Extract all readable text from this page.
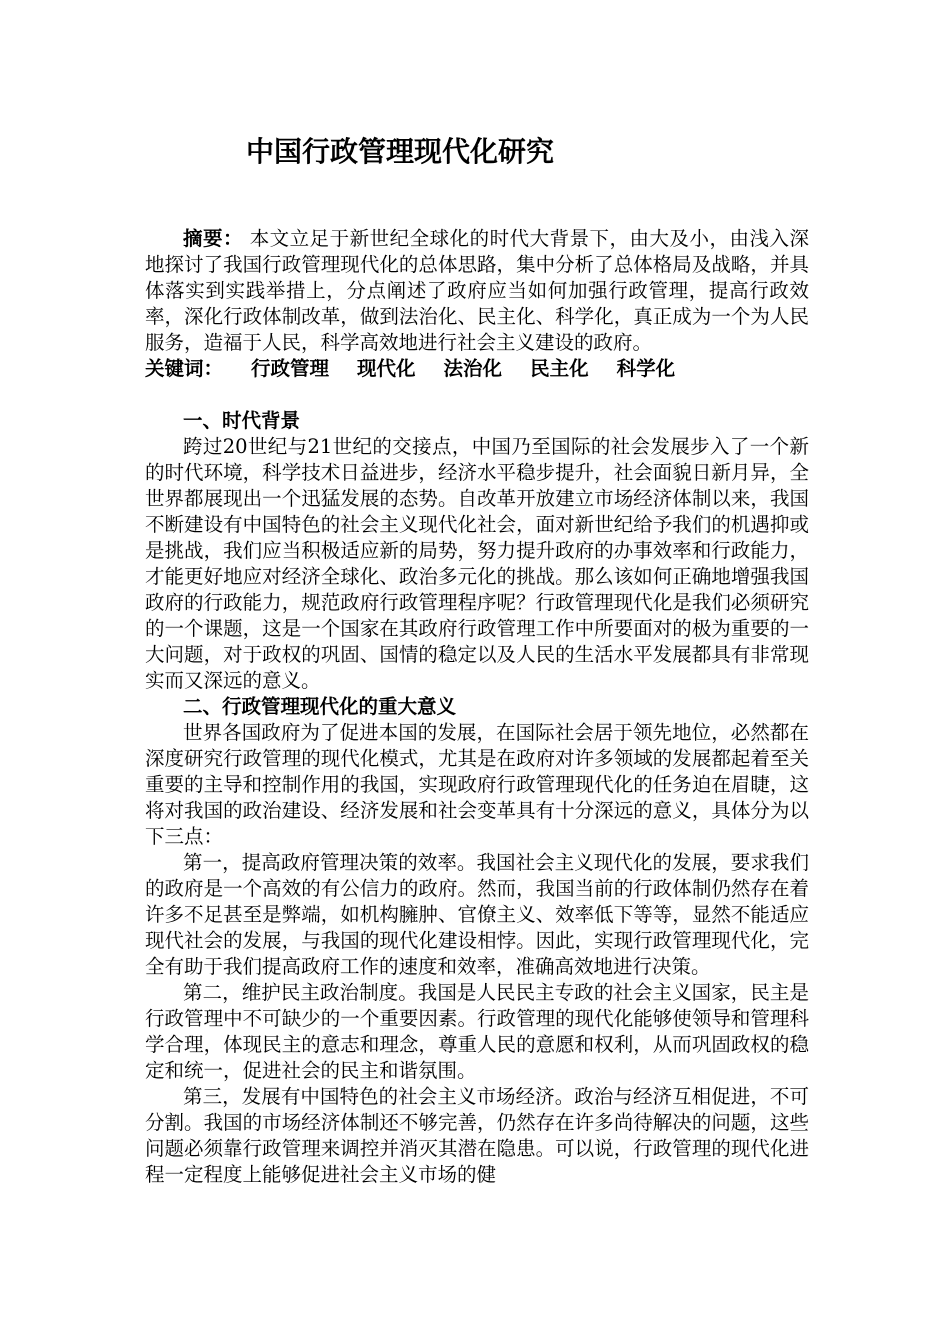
中国行政管理现代化研究

摘要： 本文立足于新世纪全球化的时代大背景下，由大及小，由浅入深地探讨了我国行政管理现代化的总体思路，集中分析了总体格局及战略，并具体落实到实践举措上，分点阐述了政府应当如何加强行政管理，提高行政效率，深化行政体制改革，做到法治化、民主化、科学化，真正成为一个为人民服务，造福于人民，科学高效地进行社会主义建设的政府。

关键词： 行政管理 现代化 法治化 民主化 科学化

一、时代背景

跨过20世纪与21世纪的交接点，中国乃至国际的社会发展步入了一个新的时代环境，科学技术日益进步，经济水平稳步提升，社会面貌日新月异，全世界都展现出一个迅猛发展的态势。自改革开放建立市场经济体制以来，我国不断建设有中国特色的社会主义现代化社会，面对新世纪给予我们的机遇抑或是挑战，我们应当积极适应新的局势，努力提升政府的办事效率和行政能力，才能更好地应对经济全球化、政治多元化的挑战。那么该如何正确地增强我国政府的行政能力，规范政府行政管理程序呢？行政管理现代化是我们必须研究的一个课题，这是一个国家在其政府行政管理工作中所要面对的极为重要的一大问题，对于政权的巩固、国情的稳定以及人民的生活水平发展都具有非常现实而又深远的意义。

二、行政管理现代化的重大意义

世界各国政府为了促进本国的发展，在国际社会居于领先地位，必然都在深度研究行政管理的现代化模式，尤其是在政府对许多领域的发展都起着至关重要的主导和控制作用的我国，实现政府行政管理现代化的任务迫在眉睫，这将对我国的政治建设、经济发展和社会变革具有十分深远的意义，具体分为以下三点：

第一，提高政府管理决策的效率。我国社会主义现代化的发展，要求我们的政府是一个高效的有公信力的政府。然而，我国当前的行政体制仍然存在着许多不足甚至是弊端，如机构臃肿、官僚主义、效率低下等等，显然不能适应现代社会的发展，与我国的现代化建设相悖。因此，实现行政管理现代化，完全有助于我们提高政府工作的速度和效率，准确高效地进行决策。

第二，维护民主政治制度。我国是人民民主专政的社会主义国家，民主是行政管理中不可缺少的一个重要因素。行政管理的现代化能够使领导和管理科学合理，体现民主的意志和理念，尊重人民的意愿和权利，从而巩固政权的稳定和统一，促进社会的民主和谐氛围。

第三，发展有中国特色的社会主义市场经济。政治与经济互相促进，不可分割。我国的市场经济体制还不够完善，仍然存在许多尚待解决的问题，这些问题必须靠行政管理来调控并消灭其潜在隐患。可以说，行政管理的现代化进程一定程度上能够促进社会主义市场的健
